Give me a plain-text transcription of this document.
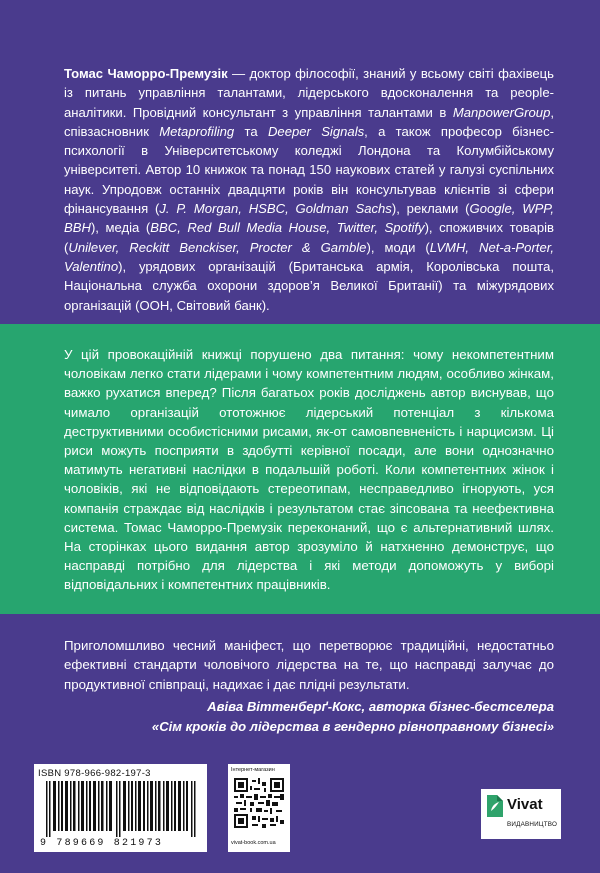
Томас Чаморро-Премузік — доктор філософії, знаний у всьому світі фахівець із питань управління талантами, лідерського вдосконалення та people-аналітики. Провідний консультант з управління талантами в ManpowerGroup, співзасновник Metaprofiling та Deeper Signals, а також професор бізнес-психології в Університетському коледжі Лондона та Колумбійському університеті. Автор 10 книжок та понад 150 наукових статей у галузі суспільних наук. Упродовж останніх двадцяти років він консультував клієнтів зі сфери фінансування (J. P. Morgan, HSBC, Goldman Sachs), реклами (Google, WPP, BBH), медіа (BBC, Red Bull Media House, Twitter, Spotify), споживчих товарів (Unilever, Reckitt Benckiser, Procter & Gamble), моди (LVMH, Net-a-Porter, Valentino), урядових організацій (Британська армія, Королівська пошта, Національна служба охорони здоров’я Великої Британії) та міжурядових організацій (ООН, Світовий банк).
У цій провокаційній книжці порушено два питання: чому некомпетентним чоловікам легко стати лідерами і чому компетентним людям, особливо жінкам, важко рухатися вперед? Після багатьох років досліджень автор виснував, що чимало організацій ототожнює лідерський потенціал з кількома деструктивними особистісними рисами, як-от самовпевненість і нарцисизм. Ці риси можуть посприяти в здобутті керівної посади, але вони однозначно матимуть негативні наслідки в подальшій роботі. Коли компетентних жінок і чоловіків, які не відповідають стереотипам, несправедливо ігнорують, уся компанія страждає від наслідків і результатом стає зіпсована та неефективна система. Томас Чаморро-Премузік переконаний, що є альтернативний шлях. На сторінках цього видання автор зрозуміло й натхненно демонструє, що насправді потрібно для лідерства і які методи допоможуть у виборі відповідальних і компетентних працівників.
Приголомшливо чесний маніфест, що перетворює традиційні, недостатньо ефективні стандарти чоловічого лідерства на те, що насправді залучає до продуктивної співпраці, надихає і дає плідні результати.
Авіва Віттенберґ-Кокс, авторка бізнес-бестселера
«Сім кроків до лідерства в гендерно рівноправному бізнесі»
ISBN 978-966-982-197-3
9 789669 821973
Інтернет-магазин
vivat-book.com.ua
Vivat
ВИДАВНИЦТВО
